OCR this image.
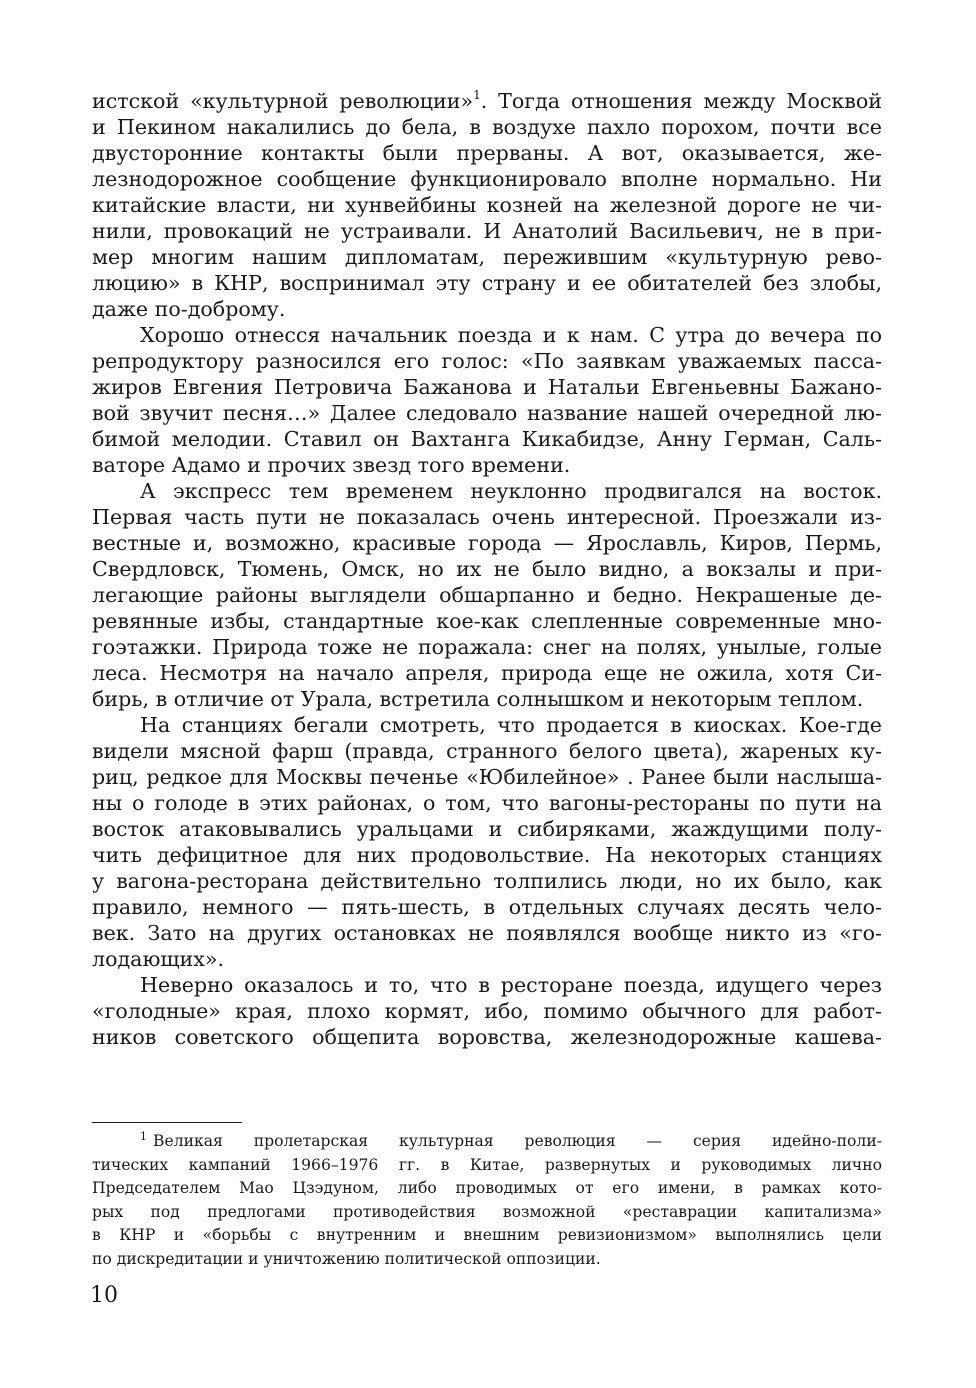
истской «культурной революции»$^1$. Тогда отношения между Москвой
и Пекином накалились до бела, в воздухе пахло порохом, почти все
двусторонние контакты были прерваны. А вот, оказывается, же-
лезнодорожное сообщение функционировало вполне нормально. Ни
китайские власти, ни хунвейбины козней на железной дороге не чи-
нили, провокаций не устраивали. И Анатолий Васильевич, не в при-
мер многим нашим дипломатам, пережившим «культурную рево-
люцию» в КНР, воспринимал эту страну и ее обитателей без злобы,
даже по-доброму.
Хорошо отнесся начальник поезда и к нам. С утра до вечера по
репродуктору разносился его голос: «По заявкам уважаемых пасса-
жиров Евгения Петровича Бажанова и Натальи Евгеньевны Бажано-
вой звучит песня…» Далее следовало название нашей очередной лю-
бимой мелодии. Ставил он Вахтанга Кикабидзе, Анну Герман, Саль-
ваторе Адамо и прочих звезд того времени.
А экспресс тем временем неуклонно продвигался на восток.
Первая часть пути не показалась очень интересной. Проезжали из-
вестные и, возможно, красивые города — Ярославль, Киров, Пермь,
Свердловск, Тюмень, Омск, но их не было видно, а вокзалы и при-
легающие районы выглядели обшарпанно и бедно. Некрашеные де-
ревянные избы, стандартные кое-как слепленные современные мно-
гоэтажки. Природа тоже не поражала: снег на полях, унылые, голые
леса. Несмотря на начало апреля, природа еще не ожила, хотя Си-
бирь, в отличие от Урала, встретила солнышком и некоторым теплом.
На станциях бегали смотреть, что продается в киосках. Кое-где
видели мясной фарш (правда, странного белого цвета), жареных ку-
риц, редкое для Москвы печенье «Юбилейное» . Ранее были наслыша-
ны о голоде в этих районах, о том, что вагоны-рестораны по пути на
восток атаковывались уральцами и сибиряками, жаждущими полу-
чить дефицитное для них продовольствие. На некоторых станциях
у вагона-ресторана действительно толпились люди, но их было, как
правило, немного — пять-шесть, в отдельных случаях десять чело-
век. Зато на других остановках не появлялся вообще никто из «го-
лодающих».
Неверно оказалось и то, что в ресторане поезда, идущего через
«голодные» края, плохо кормят, ибо, помимо обычного для работ-
ников советского общепита воровства, железнодорожные кашева-
$^1$ Великая пролетарская культурная революция — серия идейно-поли-
тических кампаний 1966–1976 гг. в Китае, развернутых и руководимых лично
Председателем Мао Цзэдуном, либо проводимых от его имени, в рамках кото-
рых под предлогами противодействия возможной «реставрации капитализма»
в КНР и «борьбы с внутренним и внешним ревизионизмом» выполнялись цели
по дискредитации и уничтожению политической оппозиции.
10
